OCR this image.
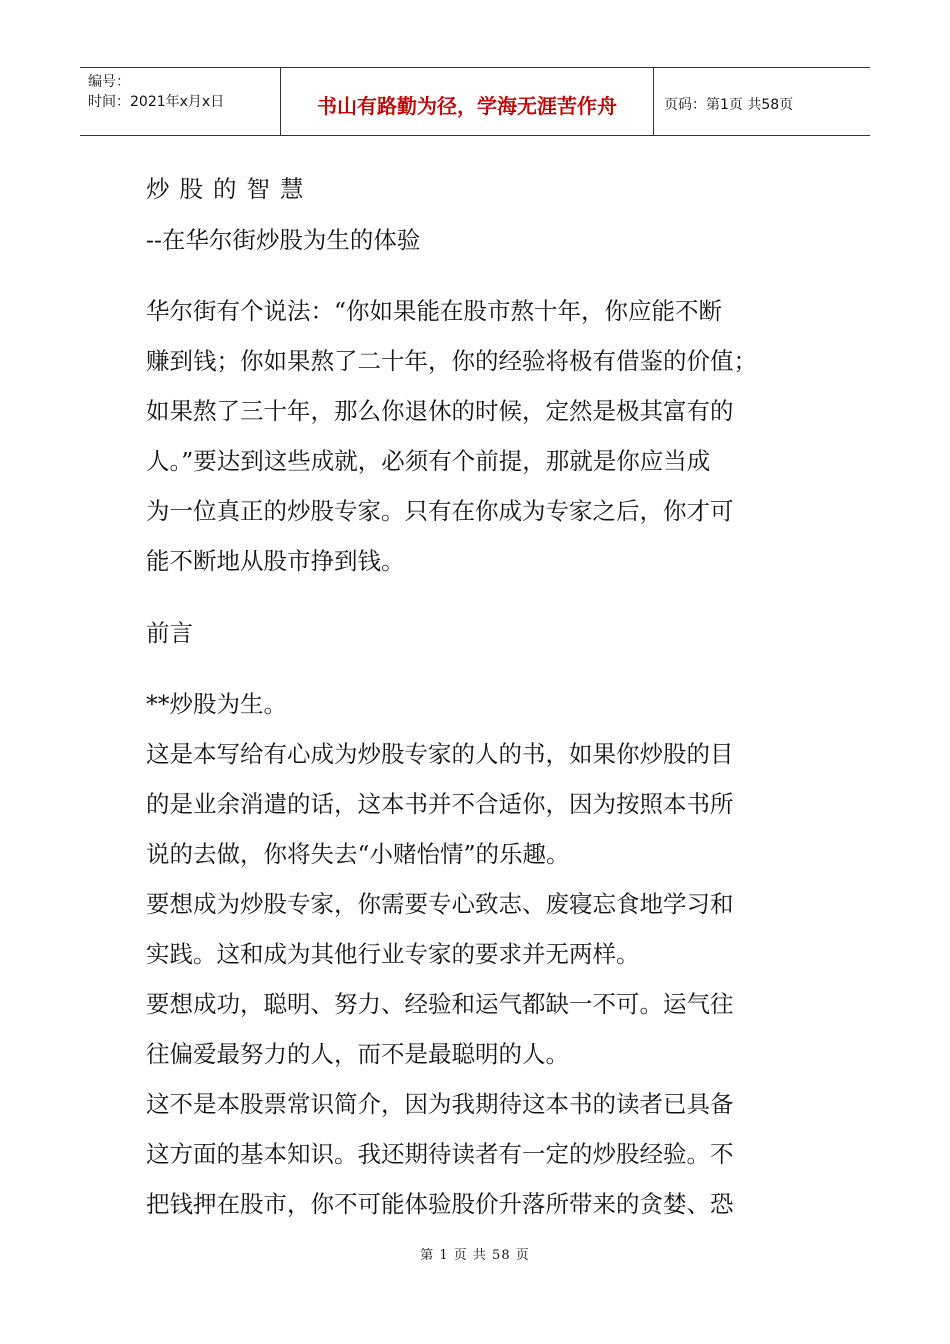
编号：
时间：2021年x月x日	书山有路勤为径，学海无涯苦作舟	页码：第1页 共58页
炒股的智慧
--在华尔街炒股为生的体验
华尔街有个说法：“你如果能在股市熬十年，你应能不断
赚到钱；你如果熬了二十年，你的经验将极有借鉴的价值；
如果熬了三十年，那么你退休的时候，定然是极其富有的
人。”要达到这些成就，必须有个前提，那就是你应当成
为一位真正的炒股专家。只有在你成为专家之后，你才可
能不断地从股市挣到钱。
前言
**炒股为生。
这是本写给有心成为炒股专家的人的书，如果你炒股的目
的是业余消遣的话，这本书并不合适你，因为按照本书所
说的去做，你将失去“小赌怡情”的乐趣。
要想成为炒股专家，你需要专心致志、废寝忘食地学习和
实践。这和成为其他行业专家的要求并无两样。
要想成功，聪明、努力、经验和运气都缺一不可。运气往
往偏爱最努力的人，而不是最聪明的人。
这不是本股票常识简介，因为我期待这本书的读者已具备
这方面的基本知识。我还期待读者有一定的炒股经验。不
把钱押在股市，你不可能体验股价升落所带来的贪婪、恐
第 1 页 共 58 页
